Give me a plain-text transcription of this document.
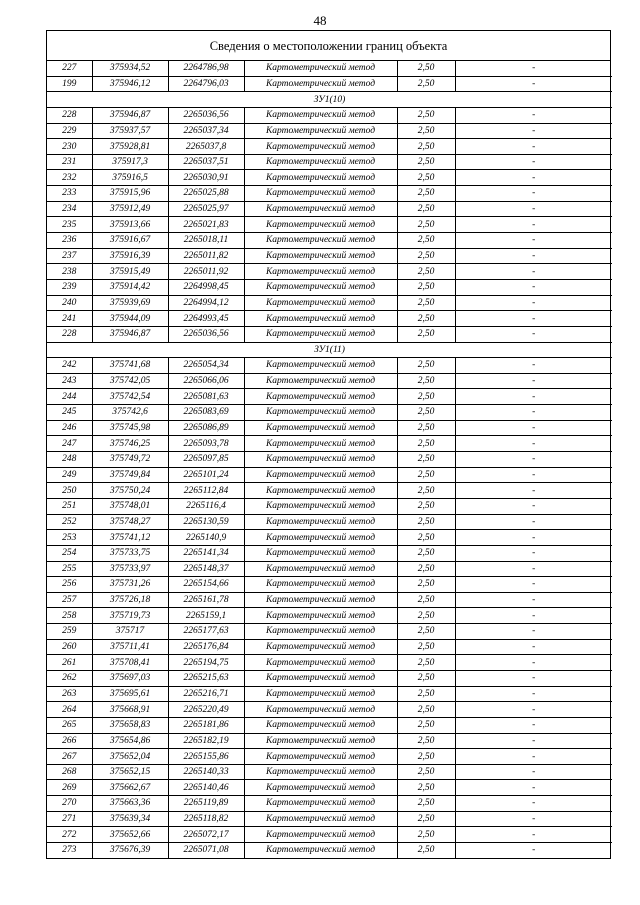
48
Сведения о местоположении границ объекта
227	375934,52	2264786,98	Картометрический метод	2,50	-
199	375946,12	2264796,03	Картометрический метод	2,50	-
ЗУ1(10)					
228	375946,87	2265036,56	Картометрический метод	2,50	-
229	375937,57	2265037,34	Картометрический метод	2,50	-
230	375928,81	2265037,8	Картометрический метод	2,50	-
231	375917,3	2265037,51	Картометрический метод	2,50	-
232	375916,5	2265030,91	Картометрический метод	2,50	-
233	375915,96	2265025,88	Картометрический метод	2,50	-
234	375912,49	2265025,97	Картометрический метод	2,50	-
235	375913,66	2265021,83	Картометрический метод	2,50	-
236	375916,67	2265018,11	Картометрический метод	2,50	-
237	375916,39	2265011,82	Картометрический метод	2,50	-
238	375915,49	2265011,92	Картометрический метод	2,50	-
239	375914,42	2264998,45	Картометрический метод	2,50	-
240	375939,69	2264994,12	Картометрический метод	2,50	-
241	375944,09	2264993,45	Картометрический метод	2,50	-
228	375946,87	2265036,56	Картометрический метод	2,50	-
ЗУ1(11)					
242	375741,68	2265054,34	Картометрический метод	2,50	-
243	375742,05	2265066,06	Картометрический метод	2,50	-
244	375742,54	2265081,63	Картометрический метод	2,50	-
245	375742,6	2265083,69	Картометрический метод	2,50	-
246	375745,98	2265086,89	Картометрический метод	2,50	-
247	375746,25	2265093,78	Картометрический метод	2,50	-
248	375749,72	2265097,85	Картометрический метод	2,50	-
249	375749,84	2265101,24	Картометрический метод	2,50	-
250	375750,24	2265112,84	Картометрический метод	2,50	-
251	375748,01	2265116,4	Картометрический метод	2,50	-
252	375748,27	2265130,59	Картометрический метод	2,50	-
253	375741,12	2265140,9	Картометрический метод	2,50	-
254	375733,75	2265141,34	Картометрический метод	2,50	-
255	375733,97	2265148,37	Картометрический метод	2,50	-
256	375731,26	2265154,66	Картометрический метод	2,50	-
257	375726,18	2265161,78	Картометрический метод	2,50	-
258	375719,73	2265159,1	Картометрический метод	2,50	-
259	375717	2265177,63	Картометрический метод	2,50	-
260	375711,41	2265176,84	Картометрический метод	2,50	-
261	375708,41	2265194,75	Картометрический метод	2,50	-
262	375697,03	2265215,63	Картометрический метод	2,50	-
263	375695,61	2265216,71	Картометрический метод	2,50	-
264	375668,91	2265220,49	Картометрический метод	2,50	-
265	375658,83	2265181,86	Картометрический метод	2,50	-
266	375654,86	2265182,19	Картометрический метод	2,50	-
267	375652,04	2265155,86	Картометрический метод	2,50	-
268	375652,15	2265140,33	Картометрический метод	2,50	-
269	375662,67	2265140,46	Картометрический метод	2,50	-
270	375663,36	2265119,89	Картометрический метод	2,50	-
271	375639,34	2265118,82	Картометрический метод	2,50	-
272	375652,66	2265072,17	Картометрический метод	2,50	-
273	375676,39	2265071,08	Картометрический метод	2,50	-
